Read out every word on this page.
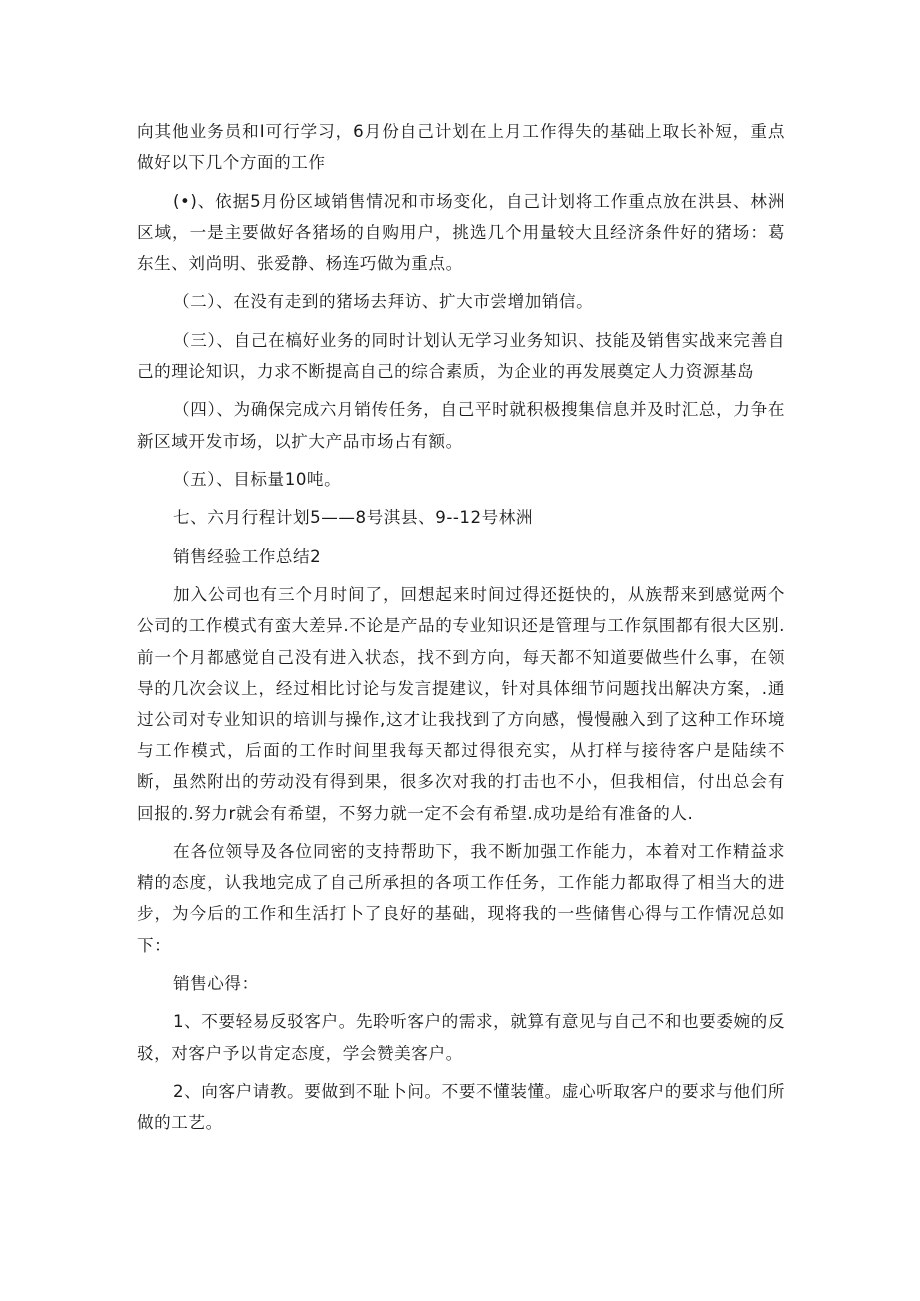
向其他业务员和I可行学习，6月份自己计划在上月工作得失的基础上取长补短，重点做好以下几个方面的工作

(•)、依据5月份区域销售情况和市场变化，自己计划将工作重点放在洪县、林洲区域，一是主要做好各猪场的自购用户，挑选几个用量较大且经济条件好的猪场：葛东生、刘尚明、张爱静、杨连巧做为重点。

（二）、在没有走到的猪场去拜访、扩大市尝增加销信。

（三）、自己在槁好业务的同时计划认无学习业务知识、技能及销售实战来完善自己的理论知识，力求不断提高自己的综合素质，为企业的再发展奠定人力资源基岛

（四）、为确保完成六月销传任务，自己平时就积极搜集信息并及时汇总，力争在新区域开发市场，以扩大产品市场占有额。

（五）、目标量10吨。

七、六月行程计划5——8号淇县、9--12号林洲

销售经验工作总结2

加入公司也有三个月时间了，回想起来时间过得还挺快的，从族帮来到感觉两个公司的工作模式有蛮大差异.不论是产品的专业知识还是管理与工作氛围都有很大区别.前一个月都感觉自己没有进入状态，找不到方向，每天都不知道要做些什么事，在领导的几次会议上，经过相比讨论与发言提建议，针对具体细节问题找出解决方案，.通过公司对专业知识的培训与操作,这才让我找到了方向感，慢慢融入到了这种工作环境与工作模式，后面的工作时间里我每天都过得很充实，从打样与接待客户是陆续不断，虽然附出的劳动没有得到果，很多次对我的打击也不小，但我相信，付出总会有回报的.努力r就会有希望，不努力就一定不会有希望.成功是给有准备的人.

在各位领导及各位同密的支持帮助下，我不断加强工作能力，本着对工作精益求精的态度，认我地完成了自己所承担的各项工作任务，工作能力都取得了相当大的进步，为今后的工作和生活打卜了良好的基础，现将我的一些储售心得与工作情况总如下：

销售心得：

1、不要轻易反驳客户。先聆听客户的需求，就算有意见与自己不和也要委婉的反驳，对客户予以肯定态度，学会赞美客户。

2、向客户请教。要做到不耻卜问。不要不懂装懂。虚心听取客户的要求与他们所做的工艺。
